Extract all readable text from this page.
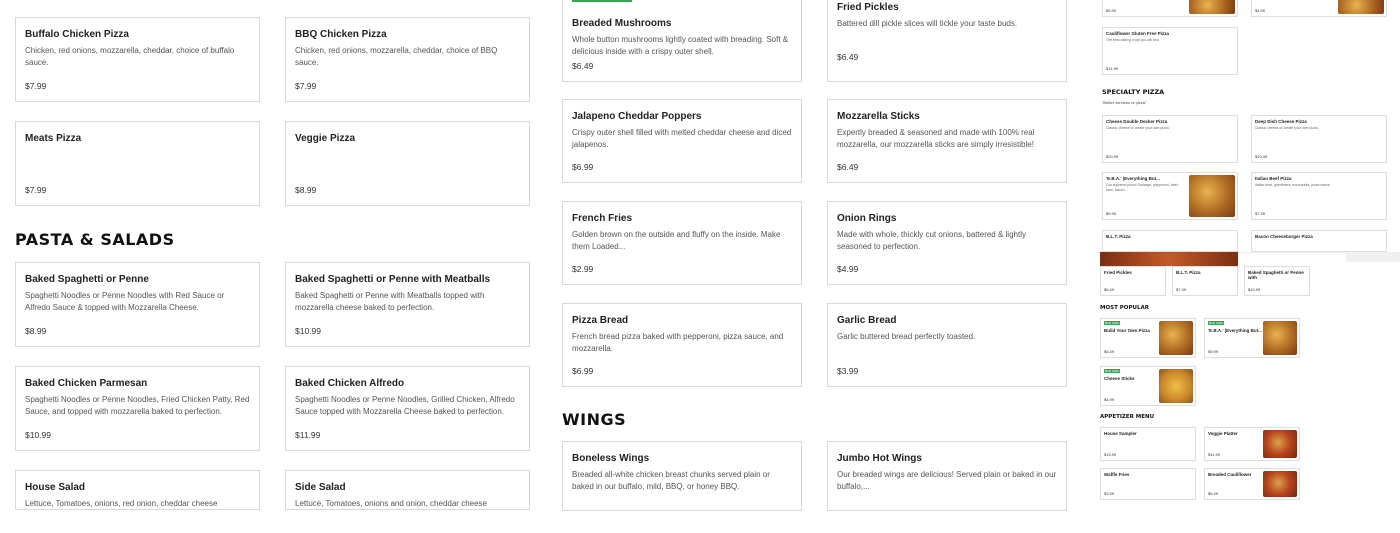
Buffalo Chicken Pizza
Chicken, red onions, mozzarella, cheddar, choice of buffalo sauce.
$7.99
BBQ Chicken Pizza
Chicken, red onions, mozzarella, cheddar, choice of BBQ sauce.
$7.99
Meats Pizza
$7.99
Veggie Pizza
$8.99
PASTA & SALADS
Baked Spaghetti or Penne
Spaghetti Noodles or Penne Noodles with Red Sauce or Alfredo Sauce & topped with Mozzarella Cheese.
$8.99
Baked Spaghetti or Penne with Meatballs
Baked Spaghetti or Penne with Meatballs topped with mozzarella cheese baked to perfection.
$10.99
Baked Chicken Parmesan
Spaghetti Noodles or Penne Noodles, Fried Chicken Patty, Red Sauce, and topped with mozzarella baked to perfection.
$10.99
Baked Chicken Alfredo
Spaghetti Noodles or Penne Noodles, Grilled Chicken, Alfredo Sauce topped with Mozzarella Cheese baked to perfection.
$11.99
House Salad
Lettuce, Tomatoes, onions, red onion, cheddar cheese
Side Salad
Lettuce, Tomatoes, onions and onion, cheddar cheese
Breaded Mushrooms
Whole button mushrooms lightly coated with breading. Soft & delicious inside with a crispy outer shell.
$6.49
Fried Pickles
Battered dill pickle slices will tickle your taste buds.
$6.49
Jalapeno Cheddar Poppers
Crispy outer shell filled with melted cheddar cheese and diced jalapenos.
$6.99
Mozzarella Sticks
Expertly breaded & seasoned and made with 100% real mozzarella, our mozzarella sticks are simply irresistible!
$6.49
French Fries
Golden brown on the outside and fluffy on the inside. Make them Loaded...
$2.99
Onion Rings
Made with whole, thickly cut onions, battered & lightly seasoned to perfection.
$4.99
Pizza Bread
French bread pizza baked with pepperoni, pizza sauce, and mozzarella.
$6.99
Garlic Bread
Garlic buttered bread perfectly toasted.
$3.99
WINGS
Boneless Wings
Breaded all-white chicken breast chunks served plain or baked in our buffalo, mild, BBQ, or honey BBQ.
Jumbo Hot Wings
Our breaded wings are delicious! Served plain or baked in our buffalo,...
$5.99	$4.99
Cauliflower Gluten Free Pizza
The best tasting crust you will find.
$11.99
SPECIALTY PIZZA
"Better versions of pizza".
Cheese Double Decker Pizza
Classic cheese or create your own pizza.
$20.99
Deep Dish Cheese Pizza
Classic cheese or create your own pizza.
$10.49
'E.B.A.' (Everything But...
Our supreme pizza! Sausage, pepperoni, beef, ham, bacon,...
$9.99
Italian Beef Pizza
Italian beef, giardiniera, mozzarella, pizza sauce.
$7.99
B.L.T. Pizza	Bacon Cheeseburger Pizza
Fried Pickles
$6.49
B.L.T. Pizza
$7.99
Baked Spaghetti or Penne with
$10.99
MOST POPULAR
Best Seller
Build Your Own Pizza
$5.49
Best Seller
'E.B.A.' (Everything But...
$9.99
Best Seller
Cheese Sticks
$4.99
APPETIZER MENU
House Sampler
$15.99
Veggie Platter
$11.99
Waffle Fries
$3.99
Breaded Cauliflower
$5.99
